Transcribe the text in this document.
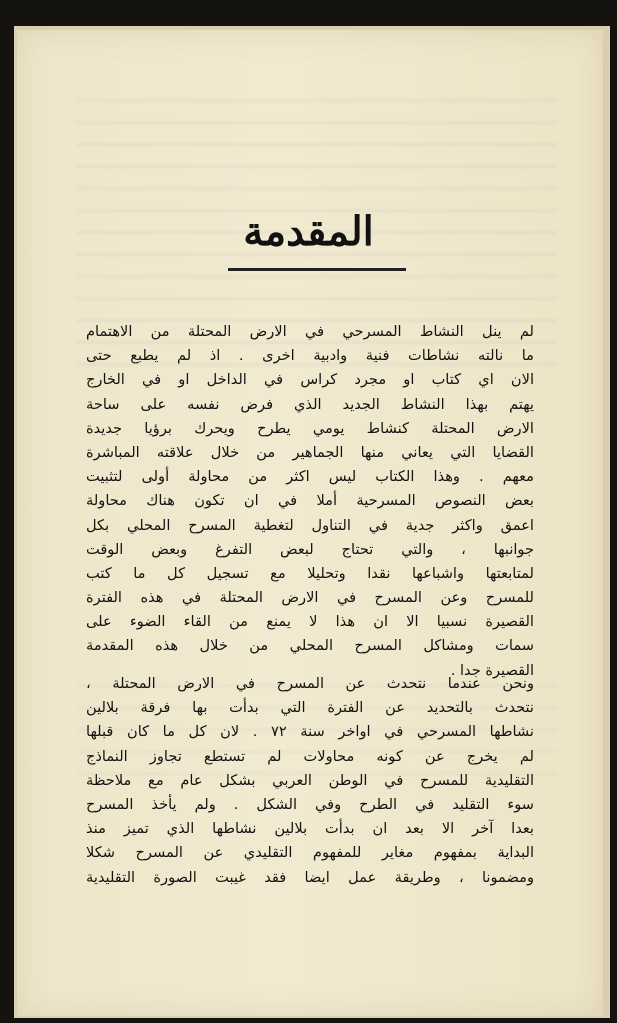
المقدمة
لم ينل النشاط المسرحي في الارض المحتلة من الاهتمام
ما نالته نشاطات فنية وادبية اخرى . اذ لم يطبع حتى
الان اي كتاب او مجرد كراس في الداخل او في الخارج
يهتم بهذا النشاط الجديد الذي فرض نفسه على ساحة
الارض المحتلة كنشاط يومي يطرح ويحرك برؤيا جديدة
القضايا التي يعاني منها الجماهير من خلال علاقته المباشرة
معهم . وهذا الكتاب ليس اكثر من محاولة أولى لتثبيت
بعض النصوص المسرحية أملا في ان تكون هناك محاولة
اعمق واكثر جدية في التناول لتغطية المسرح المحلي بكل
جوانبها ، والتي تحتاج لبعض التفرغ وبعض الوقت
لمتابعتها واشباعها نقدا وتحليلا مع تسجيل كل ما كتب
للمسرح وعن المسرح في الارض المحتلة في هذه الفترة
القصيرة نسبيا الا ان هذا لا يمنع من القاء الضوء على
سمات ومشاكل المسرح المحلي من خلال هذه المقدمة
القصيرة جدا .
ونحن عندما نتحدث عن المسرح في الارض المحتلة ،
نتحدث بالتحديد عن الفترة التي بدأت بها فرقة بلالين
نشاطها المسرحي في اواخر سنة ٧٢ . لان كل ما كان قبلها
لم يخرج عن كونه محاولات لم تستطع تجاوز النماذج
التقليدية للمسرح في الوطن العربي بشكل عام مع ملاحظة
سوء التقليد في الطرح وفي الشكل . ولم يأخذ المسرح
بعدا آخر الا بعد ان بدأت بلالين نشاطها الذي تميز منذ
البداية بمفهوم مغاير للمفهوم التقليدي عن المسرح شكلا
ومضمونا ، وطريقة عمل ايضا فقد غيبت الصورة التقليدية
